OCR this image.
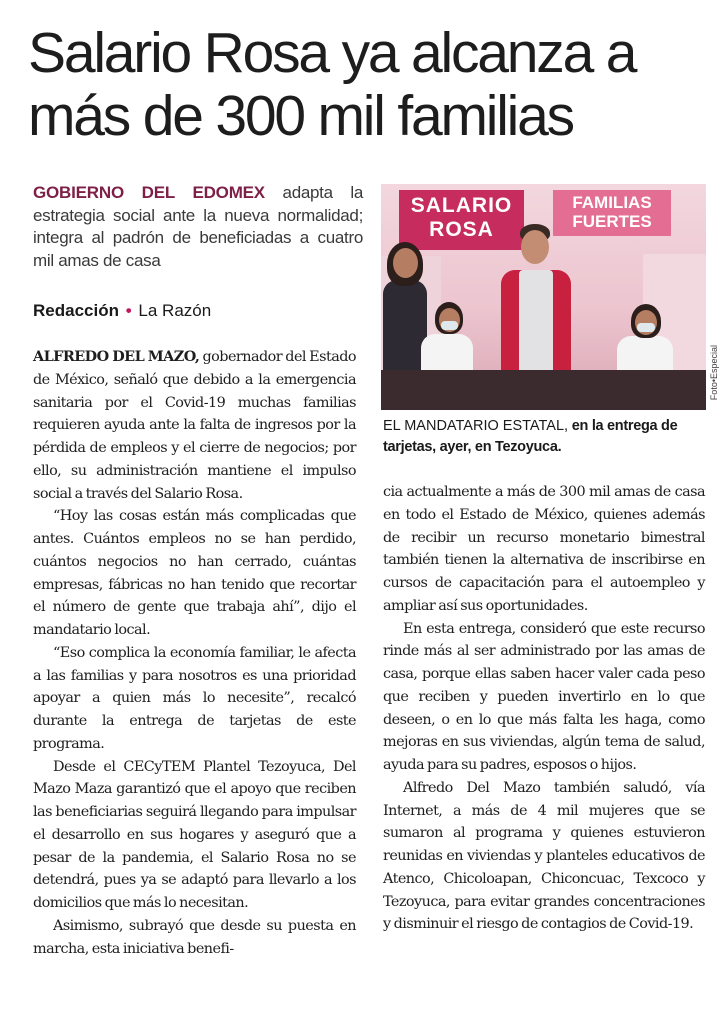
Salario Rosa ya alcanza a más de 300 mil familias
GOBIERNO DEL EDOMEX adapta la estrategia social ante la nueva normalidad; integra al padrón de beneficiadas a cuatro mil amas de casa
Redacción • La Razón

ALFREDO DEL MAZO, gobernador del Estado de México, señaló que debido a la emergencia sanitaria por el Covid-19 muchas familias requieren ayuda ante la falta de ingresos por la pérdida de empleos y el cierre de negocios; por ello, su administración mantiene el impulso social a través del Salario Rosa.

“Hoy las cosas están más complicadas que antes. Cuántos empleos no se han perdido, cuántos negocios no han cerrado, cuántas empresas, fábricas no han tenido que recortar el número de gente que trabaja ahí”, dijo el mandatario local.

“Eso complica la economía familiar, le afecta a las familias y para nosotros es una prioridad apoyar a quien más lo necesite”, recalcó durante la entrega de tarjetas de este programa.

Desde el CECyTEM Plantel Tezoyuca, Del Mazo Maza garantizó que el apoyo que reciben las beneficiarias seguirá llegando para impulsar el desarrollo en sus hogares y aseguró que a pesar de la pandemia, el Salario Rosa no se detendrá, pues ya se adaptó para llevarlo a los domicilios que más lo necesitan.

Asimismo, subrayó que desde su puesta en marcha, esta iniciativa benefi-

SALARIO ROSA
FAMILIAS FUERTES
Foto•Especial
EL MANDATARIO ESTATAL, en la entrega de tarjetas, ayer, en Tezoyuca.

cia actualmente a más de 300 mil amas de casa en todo el Estado de México, quienes además de recibir un recurso monetario bimestral también tienen la alternativa de inscribirse en cursos de capacitación para el autoempleo y ampliar así sus oportunidades.

En esta entrega, consideró que este recurso rinde más al ser administrado por las amas de casa, porque ellas saben hacer valer cada peso que reciben y pueden invertirlo en lo que deseen, o en lo que más falta les haga, como mejoras en sus viviendas, algún tema de salud, ayuda para su padres, esposos o hijos.

Alfredo Del Mazo también saludó, vía Internet, a más de 4 mil mujeres que se sumaron al programa y quienes estuvieron reunidas en viviendas y planteles educativos de Atenco, Chicoloapan, Chiconcuac, Texcoco y Tezoyuca, para evitar grandes concentraciones y disminuir el riesgo de contagios de Covid-19.
